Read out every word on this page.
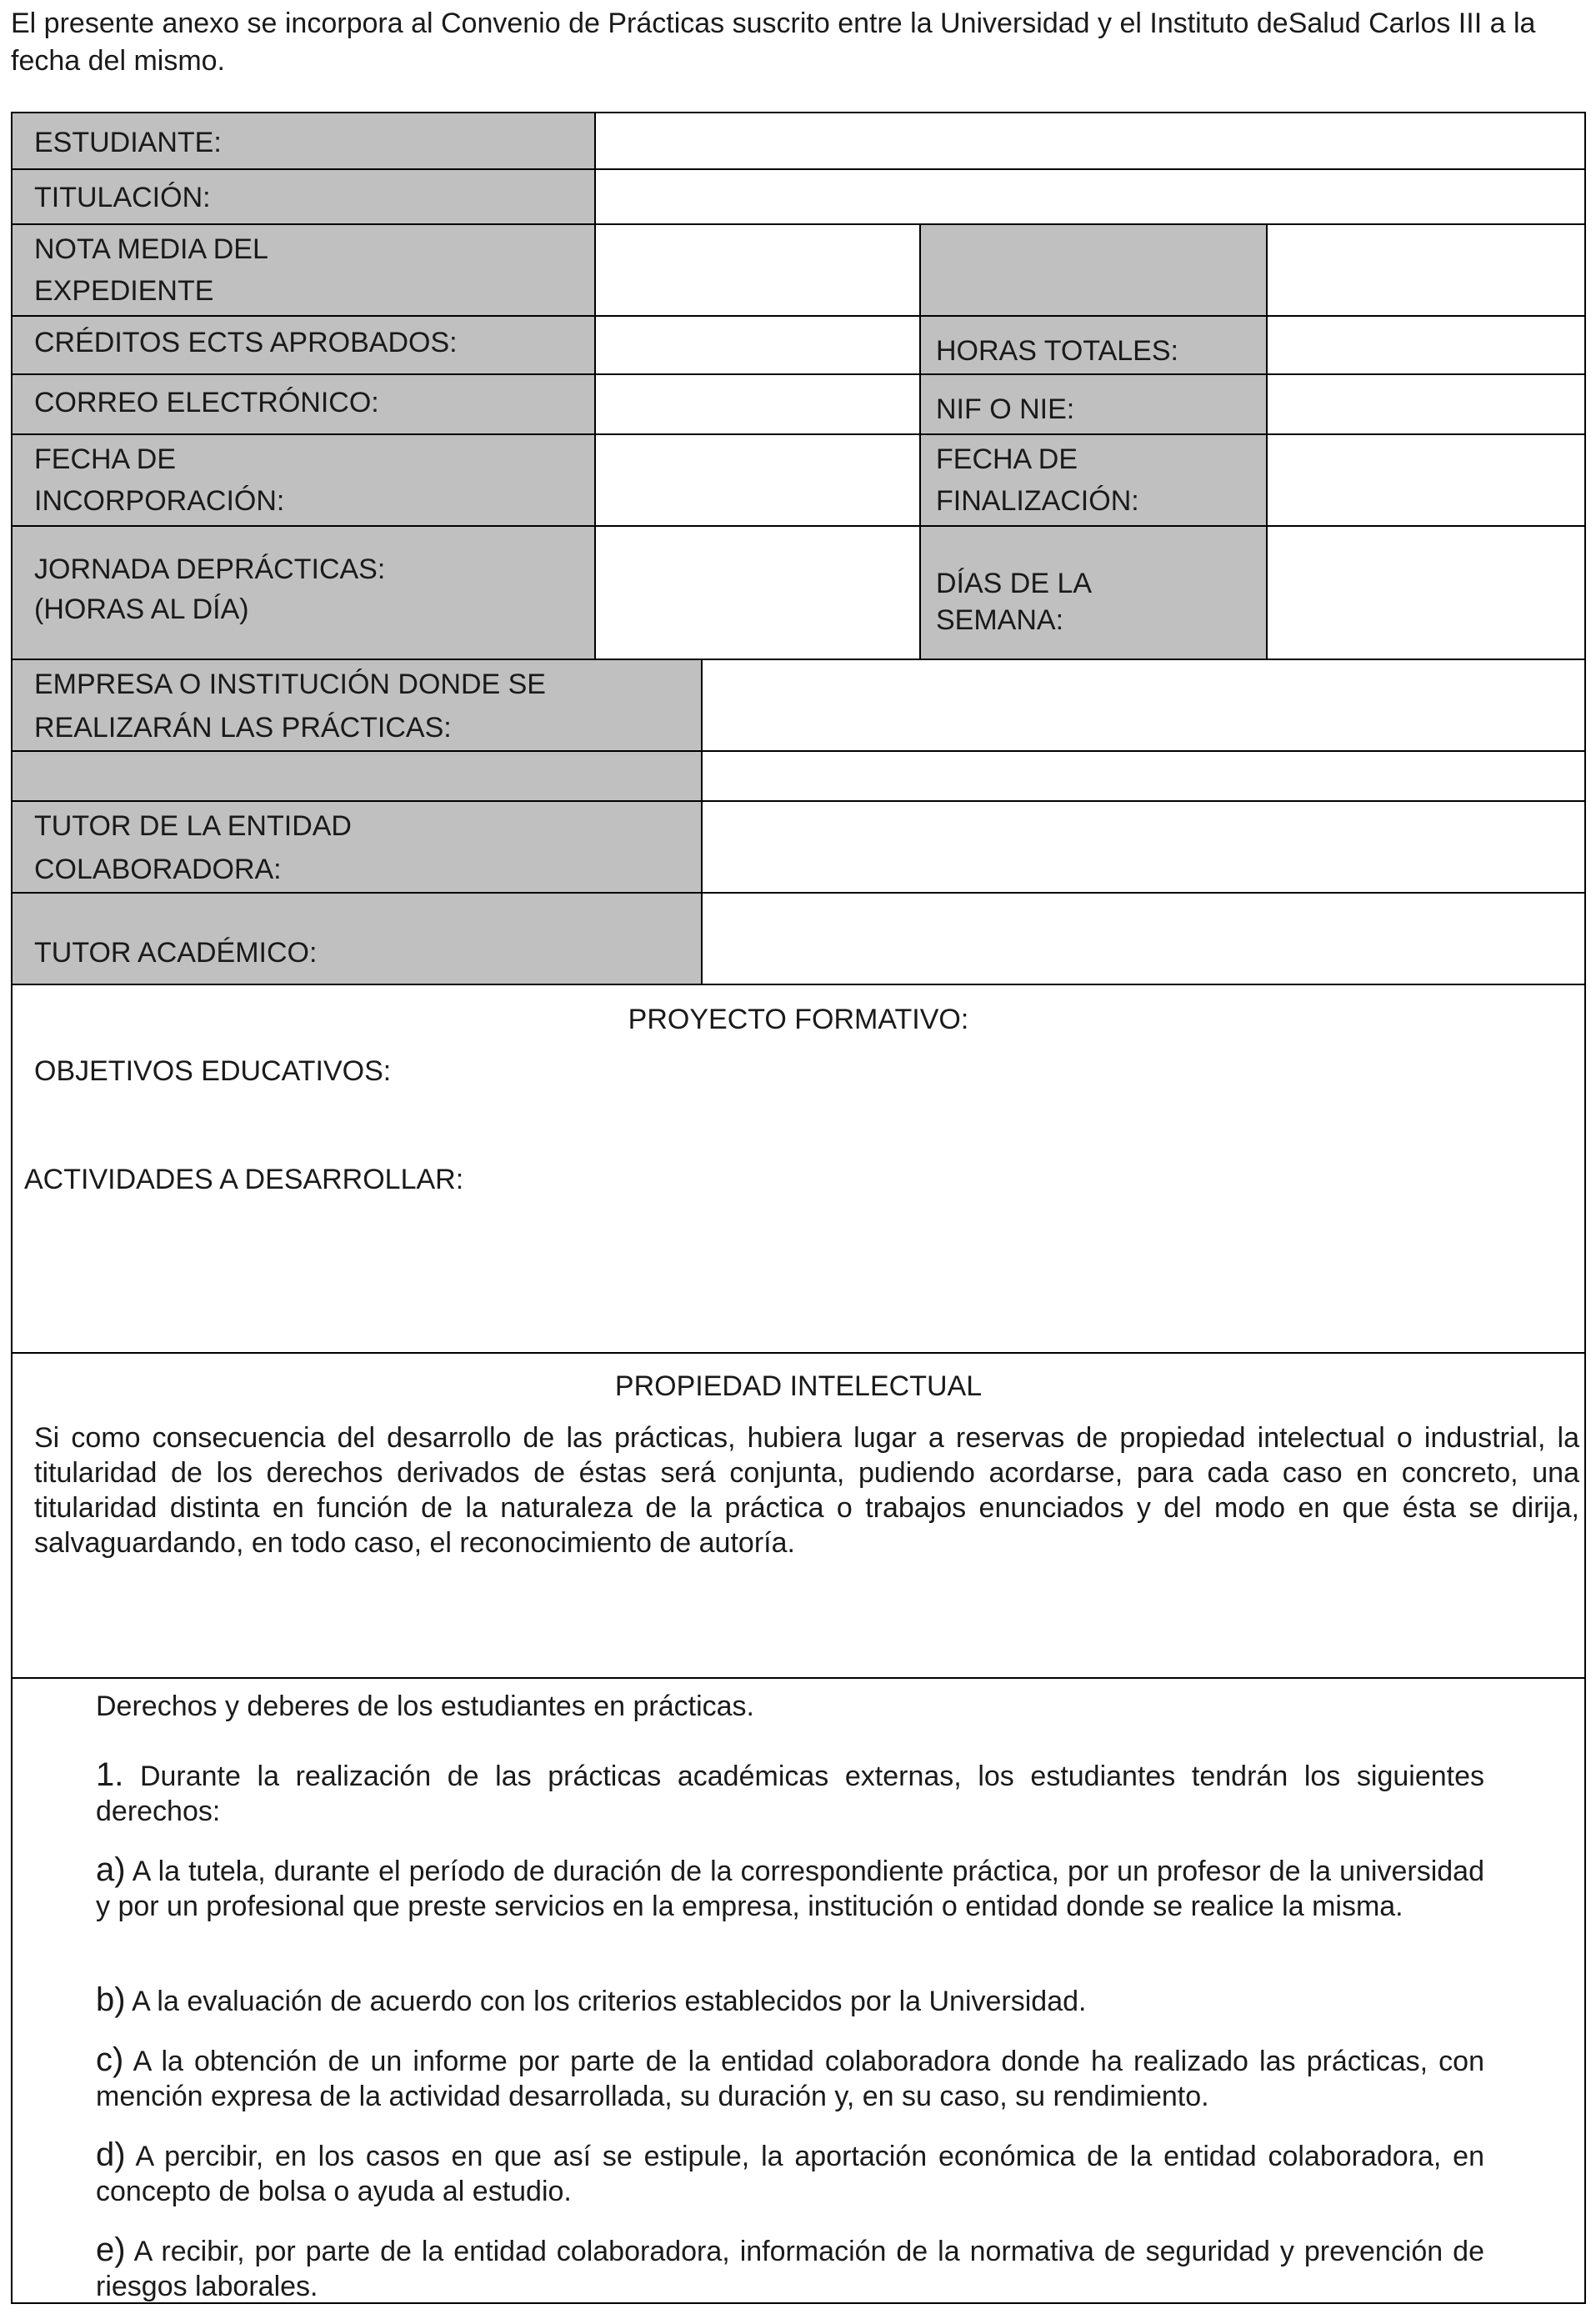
El presente anexo se incorpora al Convenio de Prácticas suscrito entre la Universidad y el Instituto deSalud Carlos III a la fecha del mismo.

ESTUDIANTE:
TITULACIÓN:
NOTA MEDIA DEL
EXPEDIENTE
CRÉDITOS ECTS APROBADOS:	HORAS TOTALES:
CORREO ELECTRÓNICO:	NIF O NIE:
FECHA DE
INCORPORACIÓN:
FECHA DE
FINALIZACIÓN:
JORNADA DEPRÁCTICAS:
(HORAS AL DÍA)
DÍAS DE LA
SEMANA:
EMPRESA O INSTITUCIÓN DONDE SE
REALIZARÁN LAS PRÁCTICAS:
TUTOR DE LA ENTIDAD
COLABORADORA:
TUTOR ACADÉMICO:
PROYECTO FORMATIVO:
OBJETIVOS EDUCATIVOS:
ACTIVIDADES A DESARROLLAR:
PROPIEDAD INTELECTUAL

Si como consecuencia del desarrollo de las prácticas, hubiera lugar a reservas de propiedad intelectual o industrial, la titularidad de los derechos derivados de éstas será conjunta, pudiendo acordarse, para cada caso en concreto, una titularidad distinta en función de la naturaleza de la práctica o trabajos enunciados y del modo en que ésta se dirija, salvaguardando, en todo caso, el reconocimiento de autoría.

Derechos y deberes de los estudiantes en prácticas.

1. Durante la realización de las prácticas académicas externas, los estudiantes tendrán los siguientes derechos:

a) A la tutela, durante el período de duración de la correspondiente práctica, por un profesor de la universidad y por un profesional que preste servicios en la empresa, institución o entidad donde se realice la misma.

b) A la evaluación de acuerdo con los criterios establecidos por la Universidad.

c) A la obtención de un informe por parte de la entidad colaboradora donde ha realizado las prácticas, con mención expresa de la actividad desarrollada, su duración y, en su caso, su rendimiento.

d) A percibir, en los casos en que así se estipule, la aportación económica de la entidad colaboradora, en concepto de bolsa o ayuda al estudio.

e) A recibir, por parte de la entidad colaboradora, información de la normativa de seguridad y prevención de riesgos laborales.
